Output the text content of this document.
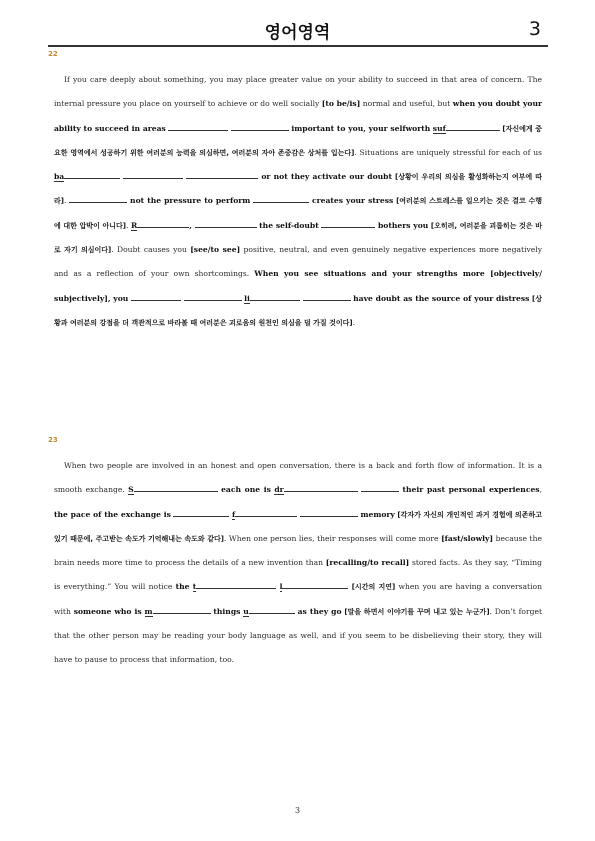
영어영역	3
22

If you care deeply about something, you may place greater value on your ability to succeed in that area of concern. The internal pressure you place on yourself to achieve or do well socially [to be/is] normal and useful, but when you doubt your ability to succeed in areas	important to you, your selfworth suf	[자신에게 중요한 영역에서 성공하기 위한 여러분의 능력을 의심하면, 여러분의 자아 존중감은 상처를 입는다]. Situations are uniquely stressful for each of us ba	or not they activate our doubt [상황이 우리의 의심을 활성화하는지 여부에 따라].	not the pressure to perform	creates your stress [여러분의 스트레스를 일으키는 것은 결코 수행에 대한 압박이 아니다]. R	,	the self-doubt	bothers you [오히려, 여러분을 괴롭히는 것은 바로 자기 의심이다]. Doubt causes you [see/to see] positive, neutral, and even genuinely negative experiences more negatively and as a reflection of your own shortcomings. When you see situations and your strengths more [objectively/ subjectively], you	li	have doubt as the source of your distress [상황과 여러분의 강점을 더 객관적으로 바라볼 때 여러분은 괴로움의 원천인 의심을 덜 가질 것이다].

23

When two people are involved in an honest and open conversation, there is a back and forth flow of information. It is a smooth exchange. S	each one is dr	their past personal experiences, the pace of the exchange is	f	memory [각자가 자신의 개인적인 과거 경험에 의존하고 있기 때문에, 주고받는 속도가 기억해내는 속도와 같다]. When one person lies, their responses will come more [fast/slowly] because the brain needs more time to process the details of a new invention than [recalling/to recall] stored facts. As they say, “Timing is everything.” You will notice the t	l	[시간의 지연] when you are having a conversation with someone who is m	things u	as they go [말을 하면서 이야기를 꾸며 내고 있는 누군가]. Don’t forget that the other person may be reading your body language as well, and if you seem to be disbelieving their story, they will have to pause to process that information, too.

3
